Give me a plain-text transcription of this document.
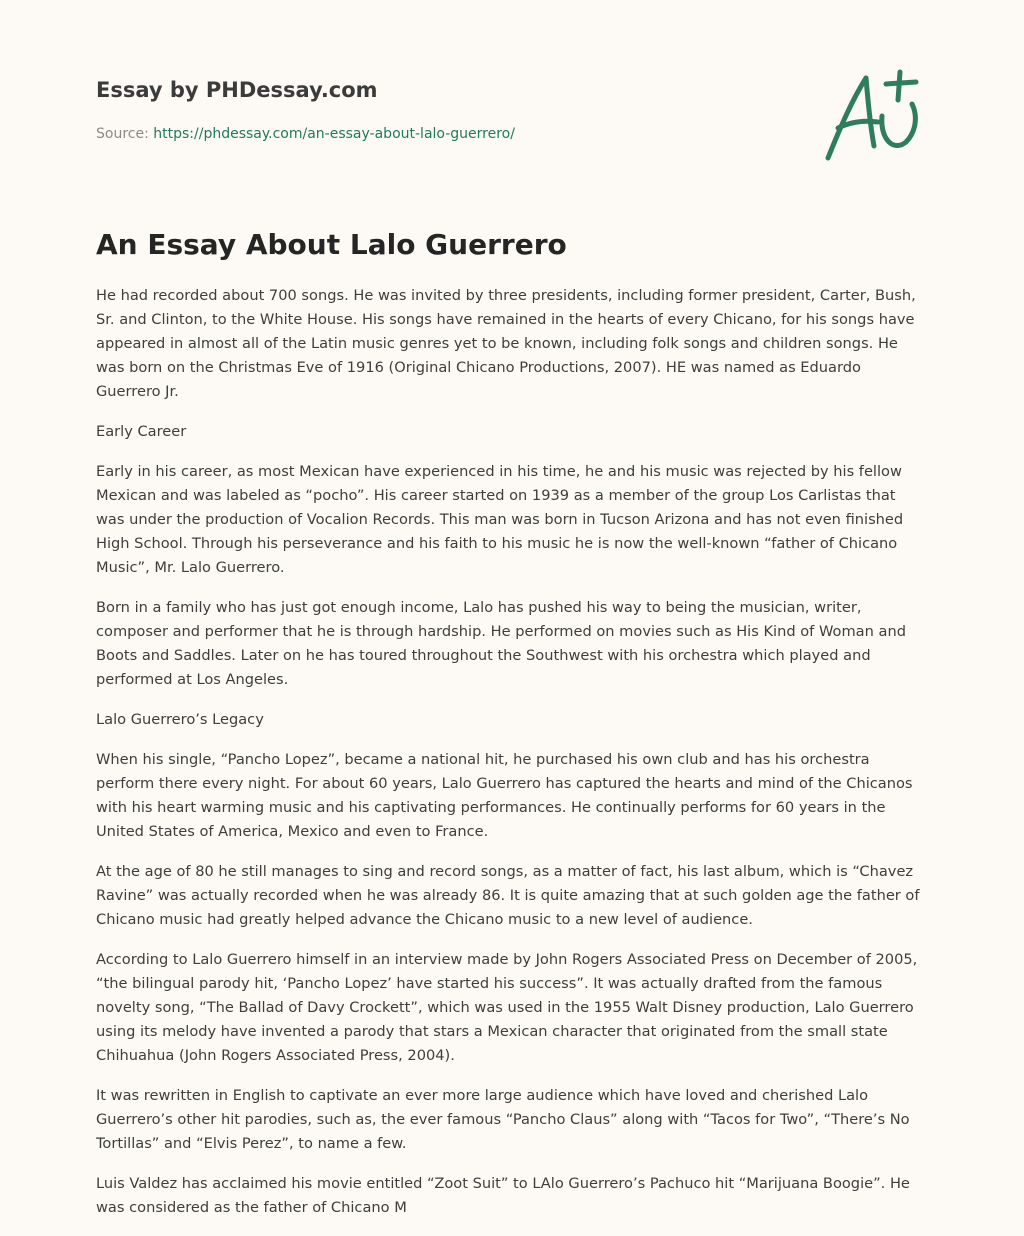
Essay by PHDessay.com
Source: https://phdessay.com/an-essay-about-lalo-guerrero/
An Essay About Lalo Guerrero

He had recorded about 700 songs. He was invited by three presidents, including former president, Carter, Bush, Sr. and Clinton, to the White House. His songs have remained in the hearts of every Chicano, for his songs have appeared in almost all of the Latin music genres yet to be known, including folk songs and children songs. He was born on the Christmas Eve of 1916 (Original Chicano Productions, 2007). HE was named as Eduardo Guerrero Jr.

Early Career

Early in his career, as most Mexican have experienced in his time, he and his music was rejected by his fellow Mexican and was labeled as “pocho”. His career started on 1939 as a member of the group Los Carlistas that was under the production of Vocalion Records. This man was born in Tucson Arizona and has not even finished High School. Through his perseverance and his faith to his music he is now the well-known “father of Chicano Music”, Mr. Lalo Guerrero.

Born in a family who has just got enough income, Lalo has pushed his way to being the musician, writer, composer and performer that he is through hardship. He performed on movies such as His Kind of Woman and Boots and Saddles. Later on he has toured throughout the Southwest with his orchestra which played and performed at Los Angeles.

Lalo Guerrero’s Legacy

When his single, “Pancho Lopez”, became a national hit, he purchased his own club and has his orchestra perform there every night. For about 60 years, Lalo Guerrero has captured the hearts and mind of the Chicanos with his heart warming music and his captivating performances. He continually performs for 60 years in the United States of America, Mexico and even to France.

At the age of 80 he still manages to sing and record songs, as a matter of fact, his last album, which is “Chavez Ravine” was actually recorded when he was already 86. It is quite amazing that at such golden age the father of Chicano music had greatly helped advance the Chicano music to a new level of audience.

According to Lalo Guerrero himself in an interview made by John Rogers Associated Press on December of 2005, “the bilingual parody hit, ‘Pancho Lopez’ have started his success”. It was actually drafted from the famous novelty song, “The Ballad of Davy Crockett”, which was used in the 1955 Walt Disney production, Lalo Guerrero using its melody have invented a parody that stars a Mexican character that originated from the small state Chihuahua (John Rogers Associated Press, 2004).

It was rewritten in English to captivate an ever more large audience which have loved and cherished Lalo Guerrero’s other hit parodies, such as, the ever famous “Pancho Claus” along with “Tacos for Two”, “There’s No Tortillas” and “Elvis Perez”, to name a few.

Luis Valdez has acclaimed his movie entitled “Zoot Suit” to LAlo Guerrero’s Pachuco hit “Marijuana Boogie”. He was considered as the father of Chicano M
